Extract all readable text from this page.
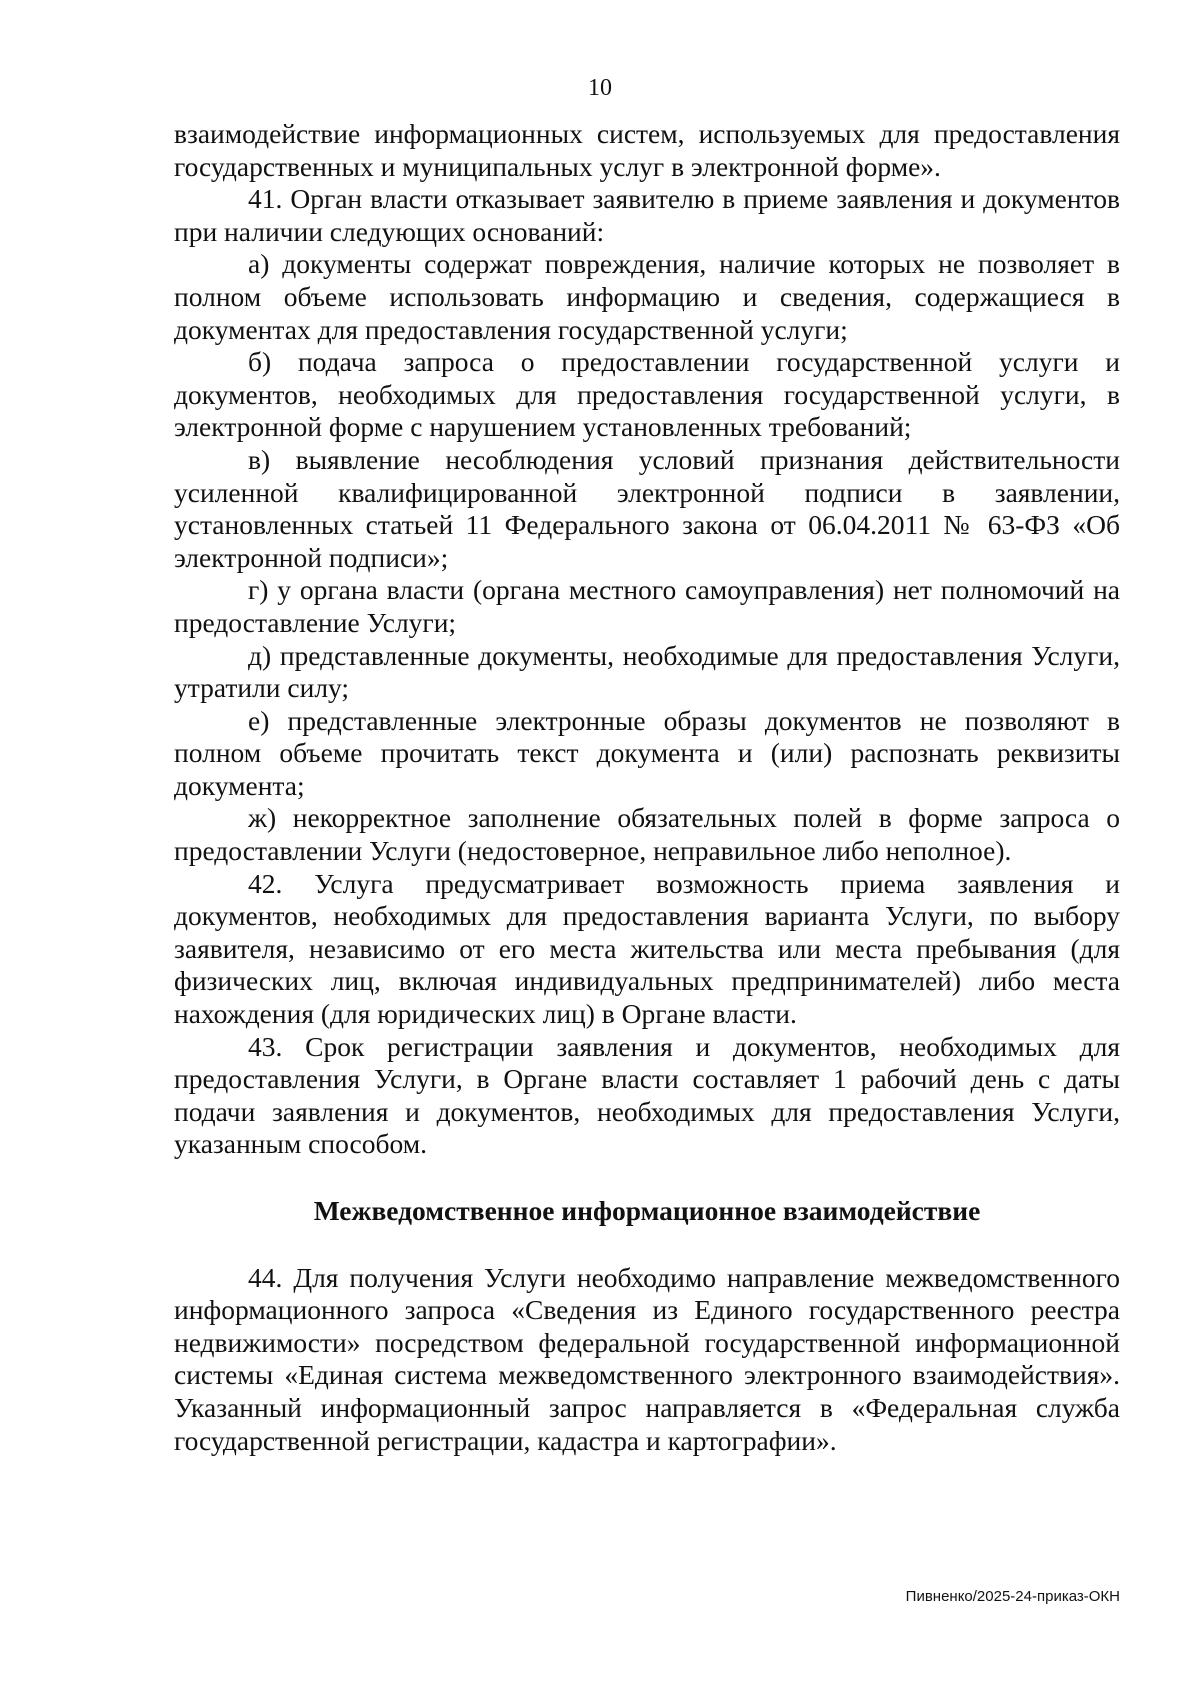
10

взаимодействие информационных систем, используемых для предоставления государственных и муниципальных услуг в электронной форме».

41. Орган власти отказывает заявителю в приеме заявления и документов при наличии следующих оснований:

а) документы содержат повреждения, наличие которых не позволяет в полном объеме использовать информацию и сведения, содержащиеся в документах для предоставления государственной услуги;

б) подача запроса о предоставлении государственной услуги и документов, необходимых для предоставления государственной услуги, в электронной форме с нарушением установленных требований;

в) выявление несоблюдения условий признания действительности усиленной квалифицированной электронной подписи в заявлении, установленных статьей 11 Федерального закона от 06.04.2011 № 63-ФЗ «Об электронной подписи»;

г) у органа власти (органа местного самоуправления) нет полномочий на предоставление Услуги;

д) представленные документы, необходимые для предоставления Услуги, утратили силу;

е) представленные электронные образы документов не позволяют в полном объеме прочитать текст документа и (или) распознать реквизиты документа;

ж) некорректное заполнение обязательных полей в форме запроса о предоставлении Услуги (недостоверное, неправильное либо неполное).

42. Услуга предусматривает возможность приема заявления и документов, необходимых для предоставления варианта Услуги, по выбору заявителя, независимо от его места жительства или места пребывания (для физических лиц, включая индивидуальных предпринимателей) либо места нахождения (для юридических лиц) в Органе власти.

43. Срок регистрации заявления и документов, необходимых для предоставления Услуги, в Органе власти составляет 1 рабочий день с даты подачи заявления и документов, необходимых для предоставления Услуги, указанным способом.

Межведомственное информационное взаимодействие

44. Для получения Услуги необходимо направление межведомственного информационного запроса «Сведения из Единого государственного реестра недвижимости» посредством федеральной государственной информационной системы «Единая система межведомственного электронного взаимодействия». Указанный информационный запрос направляется в «Федеральная служба государственной регистрации, кадастра и картографии».

Пивненко/2025-24-приказ-ОКН
